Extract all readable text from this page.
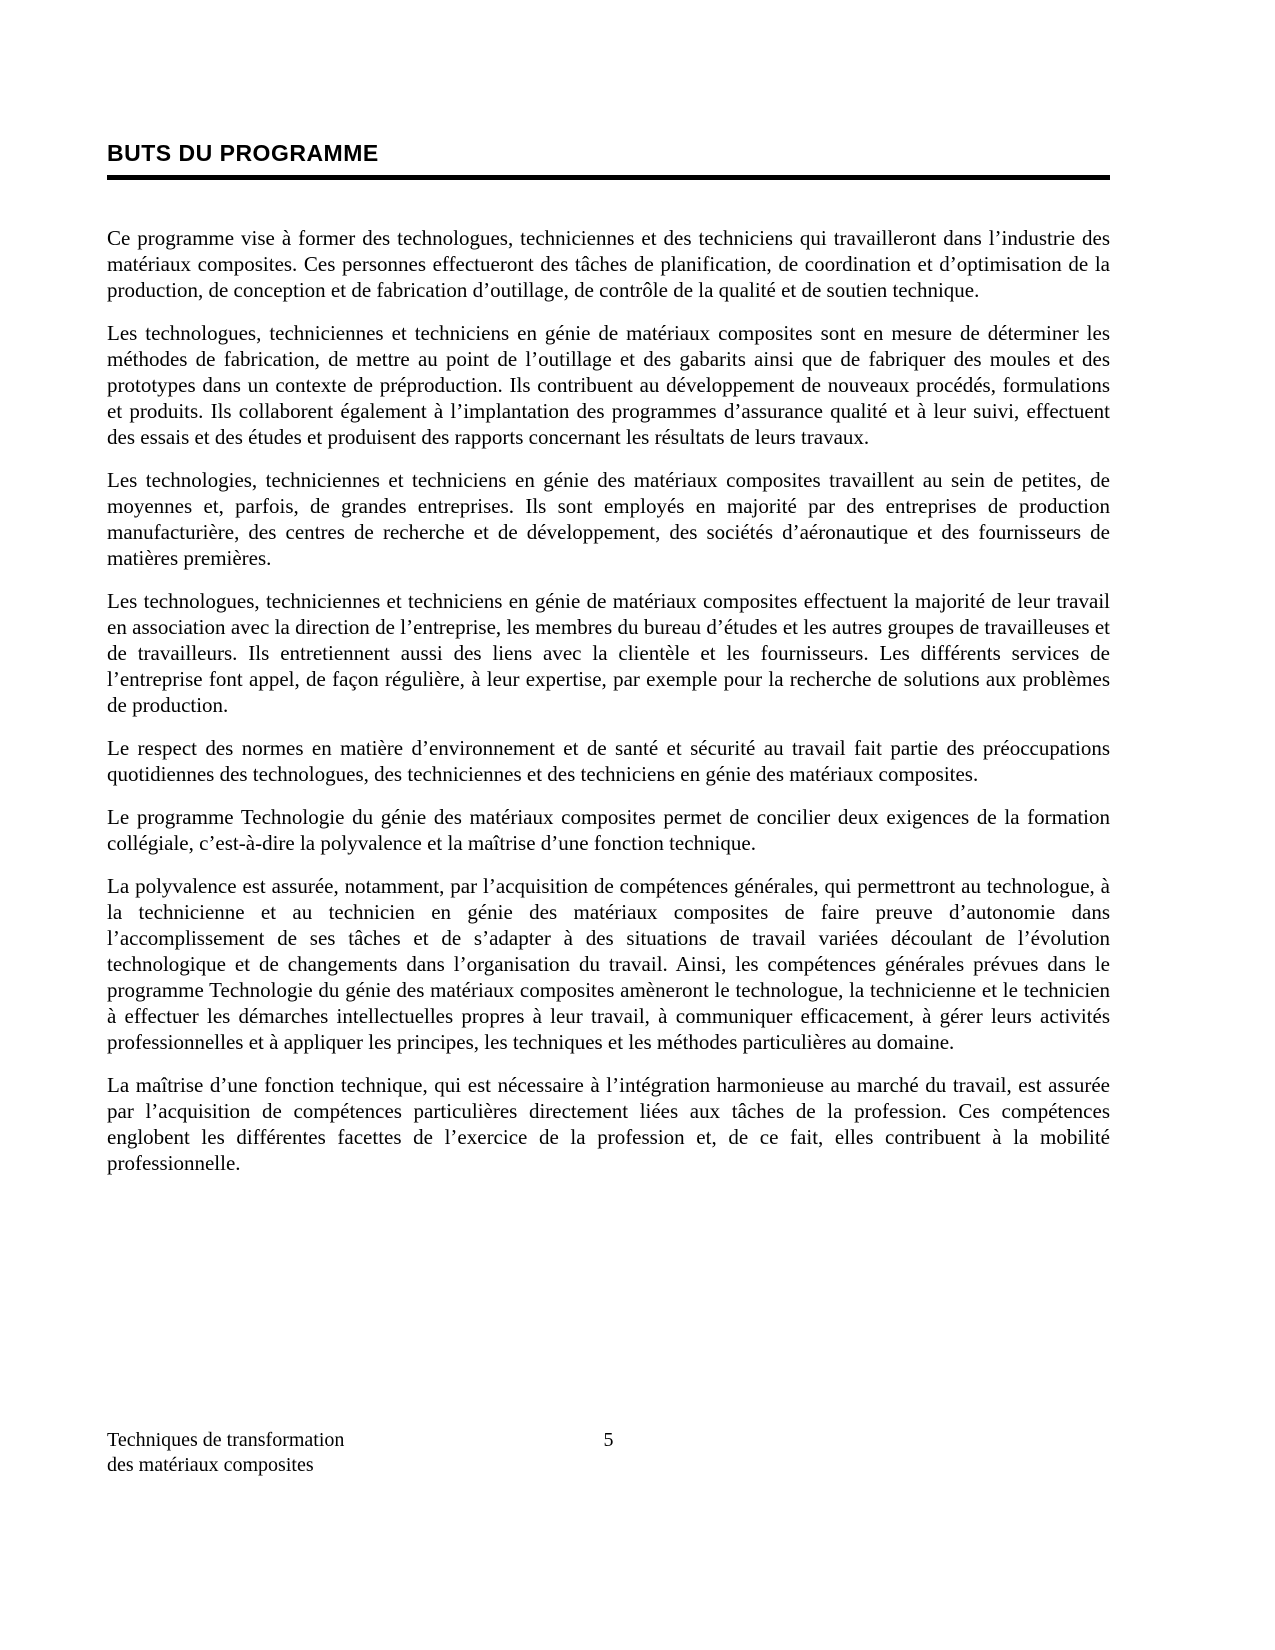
BUTS DU PROGRAMME

Ce programme vise à former des technologues, techniciennes et des techniciens qui travailleront dans l’industrie des matériaux composites. Ces personnes effectueront des tâches de planification, de coordination et d’optimisation de la production, de conception et de fabrication d’outillage, de contrôle de la qualité et de soutien technique.

Les technologues, techniciennes et techniciens en génie de matériaux composites sont en mesure de déterminer les méthodes de fabrication, de mettre au point de l’outillage et des gabarits ainsi que de fabriquer des moules et des prototypes dans un contexte de préproduction. Ils contribuent au développement de nouveaux procédés, formulations et produits. Ils collaborent également à l’implantation des programmes d’assurance qualité et à leur suivi, effectuent des essais et des études et produisent des rapports concernant les résultats de leurs travaux.

Les technologies, techniciennes et techniciens en génie des matériaux composites travaillent au sein de petites, de moyennes et, parfois, de grandes entreprises. Ils sont employés en majorité par des entreprises de production manufacturière, des centres de recherche et de développement, des sociétés d’aéronautique et des fournisseurs de matières premières.

Les technologues, techniciennes et techniciens en génie de matériaux composites effectuent la majorité de leur travail en association avec la direction de l’entreprise, les membres du bureau d’études et les autres groupes de travailleuses et de travailleurs. Ils entretiennent aussi des liens avec la clientèle et les fournisseurs. Les différents services de l’entreprise font appel, de façon régulière, à leur expertise, par exemple pour la recherche de solutions aux problèmes de production.

Le respect des normes en matière d’environnement et de santé et sécurité au travail fait partie des préoccupations quotidiennes des technologues, des techniciennes et des techniciens en génie des matériaux composites.

Le programme Technologie du génie des matériaux composites permet de concilier deux exigences de la formation collégiale, c’est-à-dire la polyvalence et la maîtrise d’une fonction technique.

La polyvalence est assurée, notamment, par l’acquisition de compétences générales, qui permettront au technologue, à la technicienne et au technicien en génie des matériaux composites de faire preuve d’autonomie dans l’accomplissement de ses tâches et de s’adapter à des situations de travail variées découlant de l’évolution technologique et de changements dans l’organisation du travail. Ainsi, les compétences générales prévues dans le programme Technologie du génie des matériaux composites amèneront le technologue, la technicienne et le technicien à effectuer les démarches intellectuelles propres à leur travail, à communiquer efficacement, à gérer leurs activités professionnelles et à appliquer les principes, les techniques et les méthodes particulières au domaine.

La maîtrise d’une fonction technique, qui est nécessaire à l’intégration harmonieuse au marché du travail, est assurée par l’acquisition de compétences particulières directement liées aux tâches de la profession. Ces compétences englobent les différentes facettes de l’exercice de la profession et, de ce fait, elles contribuent à la mobilité professionnelle.

5
Techniques de transformation
des matériaux composites
